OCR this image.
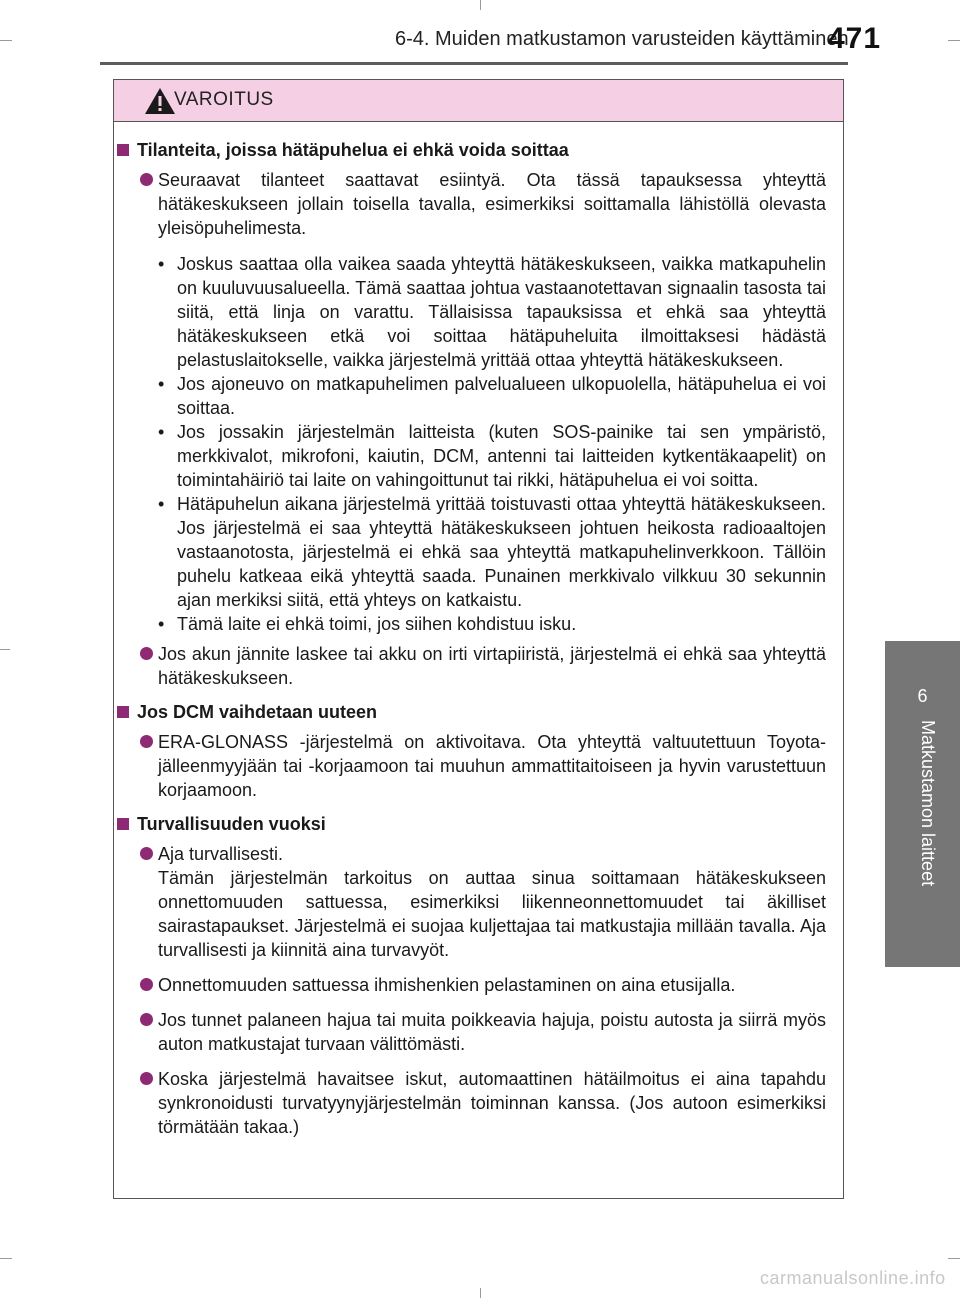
6-4. Muiden matkustamon varusteiden käyttäminen
471
6
Matkustamon laitteet
VAROITUS
Tilanteita, joissa hätäpuhelua ei ehkä voida soittaa
Seuraavat tilanteet saattavat esiintyä. Ota tässä tapauksessa yhteyttä hätäkeskukseen jollain toisella tavalla, esimerkiksi soittamalla lähistöllä olevasta yleisöpuhelimesta.
• Joskus saattaa olla vaikea saada yhteyttä hätäkeskukseen, vaikka matkapuhelin on kuuluvuusalueella. Tämä saattaa johtua vastaanotettavan signaalin tasosta tai siitä, että linja on varattu. Tällaisissa tapauksissa et ehkä saa yhteyttä hätäkeskukseen etkä voi soittaa hätäpuheluita ilmoittaksesi hädästä pelastuslaitokselle, vaikka järjestelmä yrittää ottaa yhteyttä hätäkeskukseen.
• Jos ajoneuvo on matkapuhelimen palvelualueen ulkopuolella, hätäpuhelua ei voi soittaa.
• Jos jossakin järjestelmän laitteista (kuten SOS-painike tai sen ympäristö, merkkivalot, mikrofoni, kaiutin, DCM, antenni tai laitteiden kytkentäkaapelit) on toimintahäiriö tai laite on vahingoittunut tai rikki, hätäpuhelua ei voi soitta.
• Hätäpuhelun aikana järjestelmä yrittää toistuvasti ottaa yhteyttä hätäkeskukseen. Jos järjestelmä ei saa yhteyttä hätäkeskukseen johtuen heikosta radioaaltojen vastaanotosta, järjestelmä ei ehkä saa yhteyttä matkapuhelinverkkoon. Tällöin puhelu katkeaa eikä yhteyttä saada. Punainen merkkivalo vilkkuu 30 sekunnin ajan merkiksi siitä, että yhteys on katkaistu.
• Tämä laite ei ehkä toimi, jos siihen kohdistuu isku.
Jos akun jännite laskee tai akku on irti virtapiiristä, järjestelmä ei ehkä saa yhteyttä hätäkeskukseen.
Jos DCM vaihdetaan uuteen
ERA-GLONASS -järjestelmä on aktivoitava. Ota yhteyttä valtuutettuun Toyota-jälleenmyyjään tai -korjaamoon tai muuhun ammattitaitoiseen ja hyvin varustettuun korjaamoon.
Turvallisuuden vuoksi
Aja turvallisesti.
Tämän järjestelmän tarkoitus on auttaa sinua soittamaan hätäkeskukseen onnettomuuden sattuessa, esimerkiksi liikenneonnettomuudet tai äkilliset sairastapaukset. Järjestelmä ei suojaa kuljettajaa tai matkustajia millään tavalla. Aja turvallisesti ja kiinnitä aina turvavyöt.
Onnettomuuden sattuessa ihmishenkien pelastaminen on aina etusijalla.
Jos tunnet palaneen hajua tai muita poikkeavia hajuja, poistu autosta ja siirrä myös auton matkustajat turvaan välittömästi.
Koska järjestelmä havaitsee iskut, automaattinen hätäilmoitus ei aina tapahdu synkronoidusti turvatyynyjärjestelmän toiminnan kanssa. (Jos autoon esimerkiksi törmätään takaa.)
carmanualsonline.info
